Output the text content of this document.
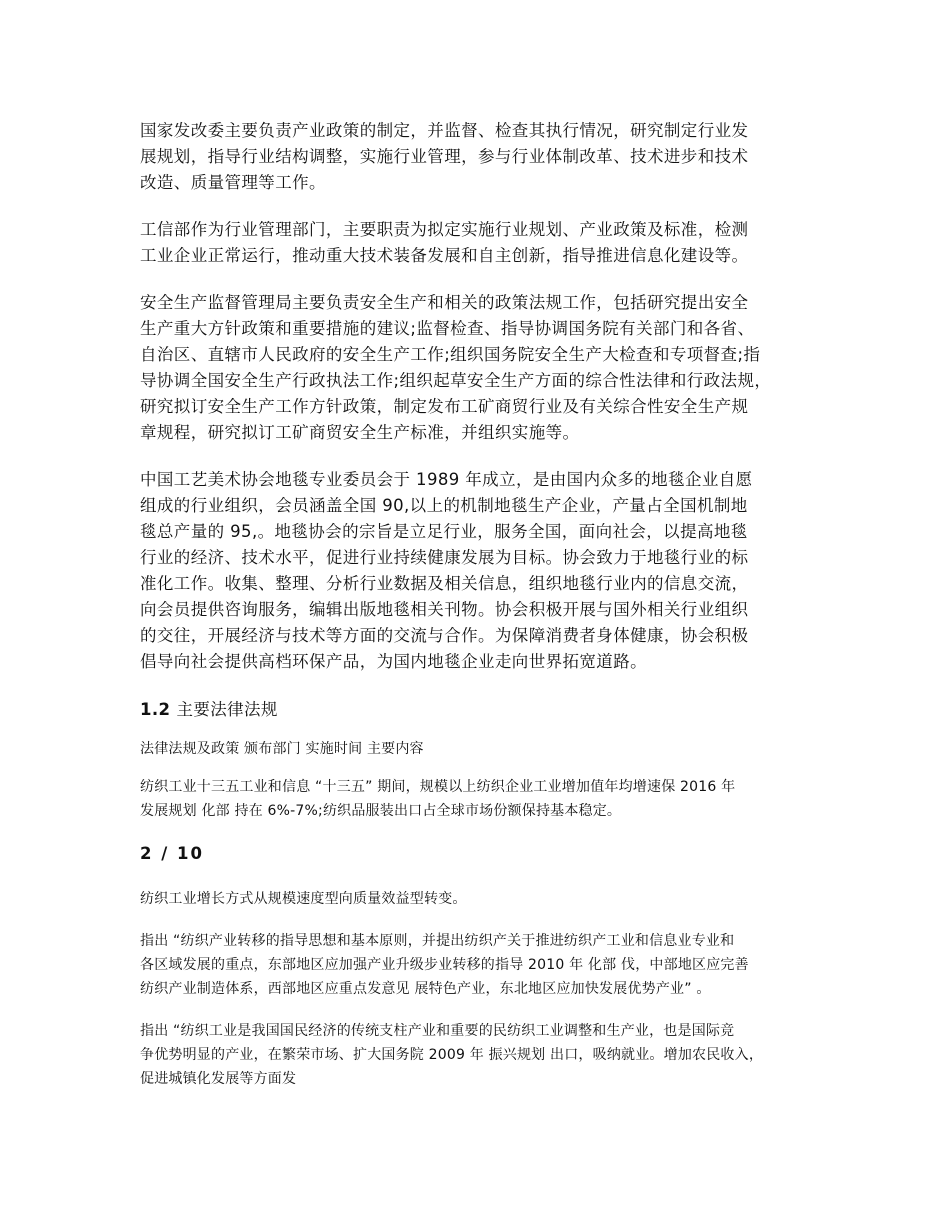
国家发改委主要负责产业政策的制定，并监督、检查其执行情况，研究制定行业发
展规划，指导行业结构调整，实施行业管理，参与行业体制改革、技术进步和技术
改造、质量管理等工作。

工信部作为行业管理部门，主要职责为拟定实施行业规划、产业政策及标准，检测
工业企业正常运行，推动重大技术装备发展和自主创新，指导推进信息化建设等。

安全生产监督管理局主要负责安全生产和相关的政策法规工作，包括研究提出安全
生产重大方针政策和重要措施的建议;监督检查、指导协调国务院有关部门和各省、
自治区、直辖市人民政府的安全生产工作;组织国务院安全生产大检查和专项督查;指
导协调全国安全生产行政执法工作;组织起草安全生产方面的综合性法律和行政法规，
研究拟订安全生产工作方针政策，制定发布工矿商贸行业及有关综合性安全生产规
章规程，研究拟订工矿商贸安全生产标准，并组织实施等。

中国工艺美术协会地毯专业委员会于 1989 年成立，是由国内众多的地毯企业自愿
组成的行业组织，会员涵盖全国 90,以上的机制地毯生产企业，产量占全国机制地
毯总产量的 95,。地毯协会的宗旨是立足行业，服务全国，面向社会，以提高地毯
行业的经济、技术水平，促进行业持续健康发展为目标。协会致力于地毯行业的标
准化工作。收集、整理、分析行业数据及相关信息，组织地毯行业内的信息交流，
向会员提供咨询服务，编辑出版地毯相关刊物。协会积极开展与国外相关行业组织
的交往，开展经济与技术等方面的交流与合作。为保障消费者身体健康，协会积极
倡导向社会提供高档环保产品，为国内地毯企业走向世界拓宽道路。

1.2 主要法律法规

法律法规及政策 颁布部门 实施时间 主要内容

纺织工业十三五工业和信息 “十三五” 期间，规模以上纺织企业工业增加值年均增速保 2016 年
发展规划 化部 持在 6%-7%;纺织品服装出口占全球市场份额保持基本稳定。

2 / 10

纺织工业增长方式从规模速度型向质量效益型转变。

指出 “纺织产业转移的指导思想和基本原则，并提出纺织产关于推进纺织产工业和信息业专业和
各区域发展的重点，东部地区应加强产业升级步业转移的指导 2010 年 化部 伐，中部地区应完善
纺织产业制造体系，西部地区应重点发意见 展特色产业，东北地区应加快发展优势产业” 。

指出 “纺织工业是我国国民经济的传统支柱产业和重要的民纺织工业调整和生产业，也是国际竞
争优势明显的产业，在繁荣市场、扩大国务院 2009 年 振兴规划 出口，吸纳就业。增加农民收入，
促进城镇化发展等方面发
